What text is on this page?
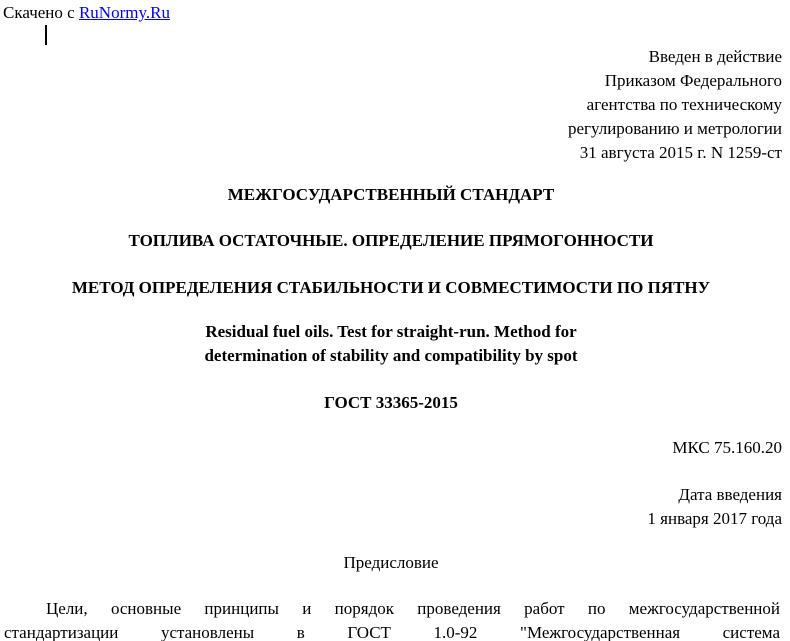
Скачено с RuNormy.Ru
Введен в действие
Приказом Федерального
агентства по техническому
регулированию и метрологии
31 августа 2015 г. N 1259-ст
МЕЖГОСУДАРСТВЕННЫЙ СТАНДАРТ
ТОПЛИВА ОСТАТОЧНЫЕ. ОПРЕДЕЛЕНИЕ ПРЯМОГОННОСТИ
МЕТОД ОПРЕДЕЛЕНИЯ СТАБИЛЬНОСТИ И СОВМЕСТИМОСТИ ПО ПЯТНУ
Residual fuel oils. Test for straight-run. Method for
determination of stability and compatibility by spot
ГОСТ 33365-2015
МКС 75.160.20
Дата введения
1 января 2017 года
Предисловие
Цели, основные принципы и порядок проведения работ по межгосударственной
стандартизации установлены в ГОСТ 1.0-92 "Межгосударственная система
